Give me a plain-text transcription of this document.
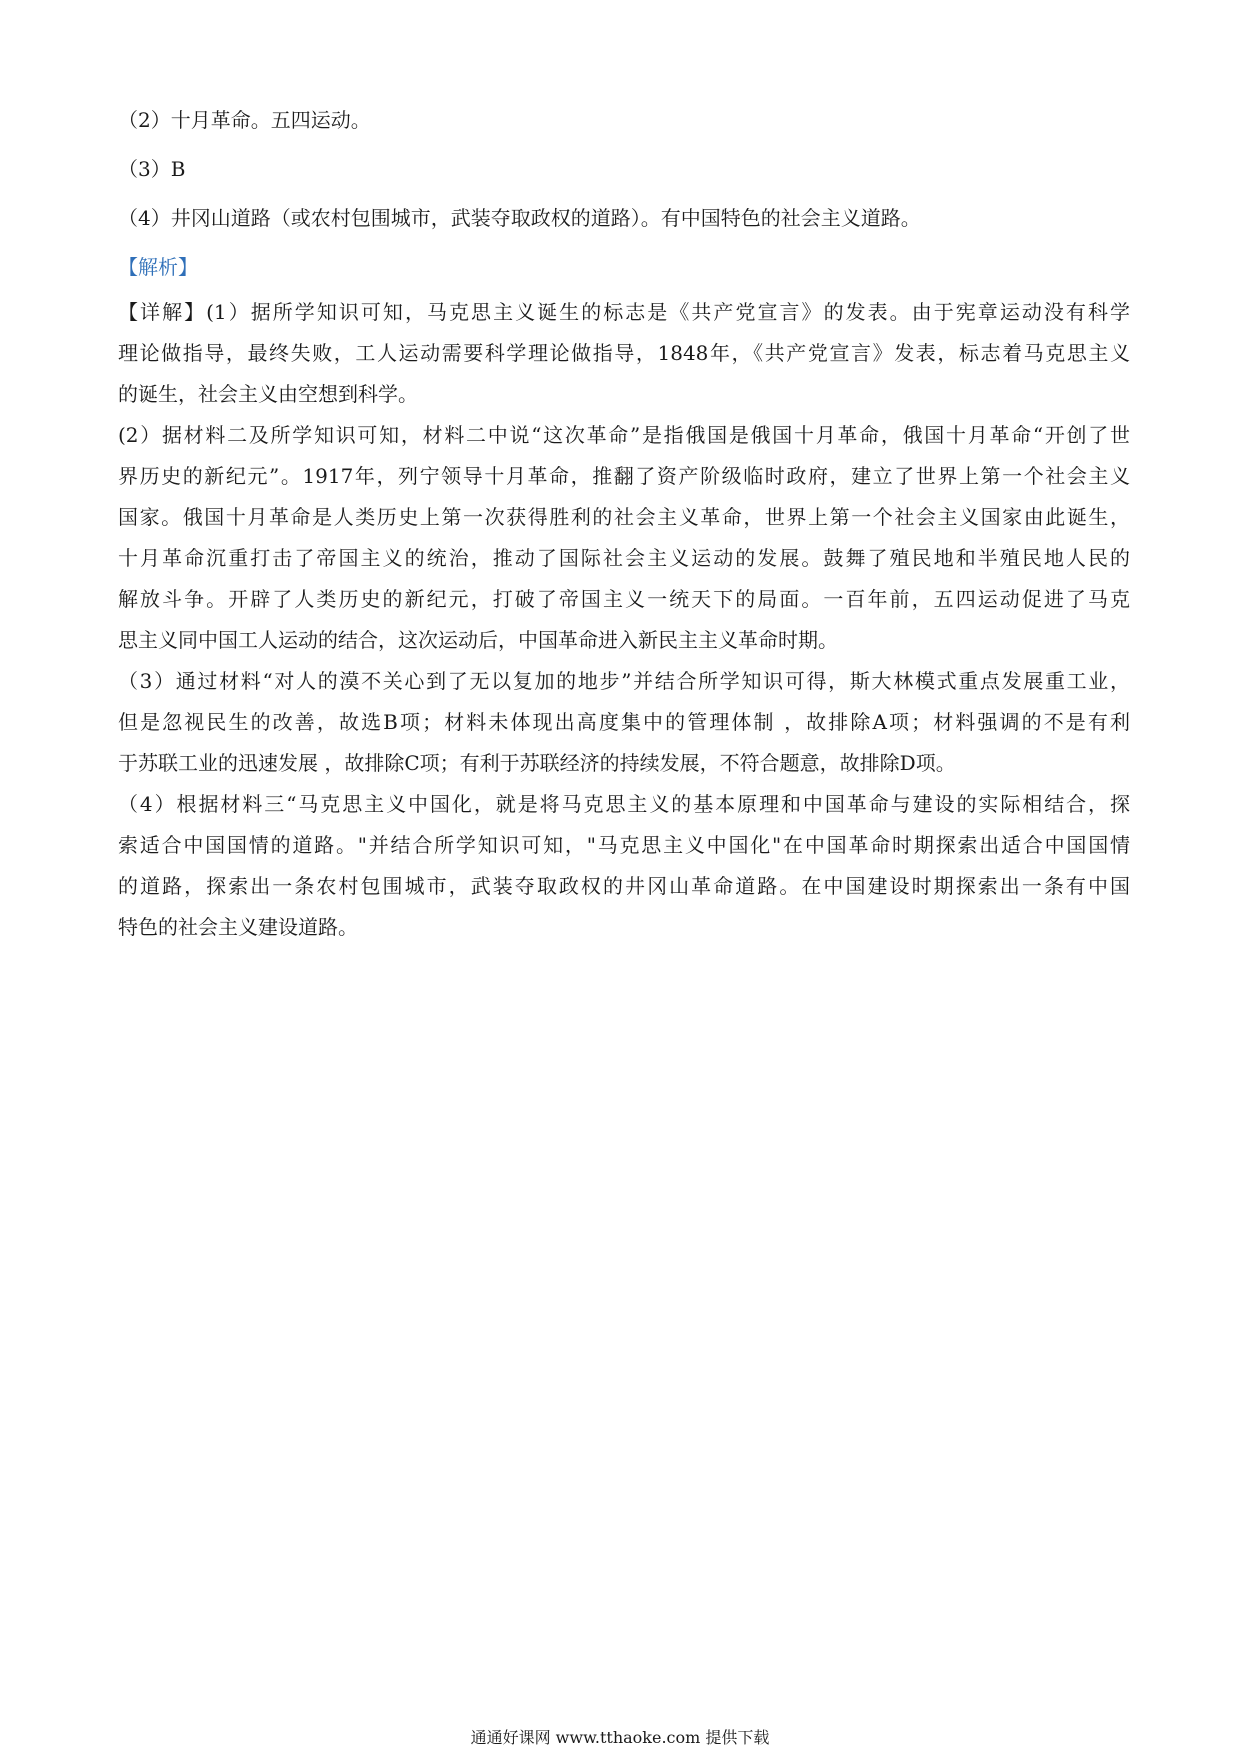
（2）十月革命。五四运动。
（3）B
（4）井冈山道路（或农村包围城市，武装夺取政权的道路）。有中国特色的社会主义道路。
【解析】
【详解】(1）据所学知识可知，马克思主义诞生的标志是《共产党宣言》的发表。由于宪章运动没有科学
理论做指导，最终失败，工人运动需要科学理论做指导，1848年，《共产党宣言》发表，标志着马克思主义
的诞生，社会主义由空想到科学。
(2）据材料二及所学知识可知，材料二中说“这次革命”是指俄国是俄国十月革命，俄国十月革命“开创了世
界历史的新纪元”。1917年，列宁领导十月革命，推翻了资产阶级临时政府，建立了世界上第一个社会主义
国家。俄国十月革命是人类历史上第一次获得胜利的社会主义革命，世界上第一个社会主义国家由此诞生，
十月革命沉重打击了帝国主义的统治，推动了国际社会主义运动的发展。鼓舞了殖民地和半殖民地人民的
解放斗争。开辟了人类历史的新纪元，打破了帝国主义一统天下的局面。一百年前，五四运动促进了马克
思主义同中国工人运动的结合，这次运动后，中国革命进入新民主主义革命时期。
（3）通过材料“对人的漠不关心到了无以复加的地步”并结合所学知识可得，斯大林模式重点发展重工业，
但是忽视民生的改善，故选B项；材料未体现出高度集中的管理体制 ，故排除A项；材料强调的不是有利
于苏联工业的迅速发展 ，故排除C项；有利于苏联经济的持续发展，不符合题意，故排除D项。
（4）根据材料三“马克思主义中国化，就是将马克思主义的基本原理和中国革命与建设的实际相结合，探
索适合中国国情的道路。"并结合所学知识可知，"马克思主义中国化"在中国革命时期探索出适合中国国情
的道路，探索出一条农村包围城市，武装夺取政权的井冈山革命道路。在中国建设时期探索出一条有中国
特色的社会主义建设道路。
通通好课网 www.tthaoke.com 提供下载
